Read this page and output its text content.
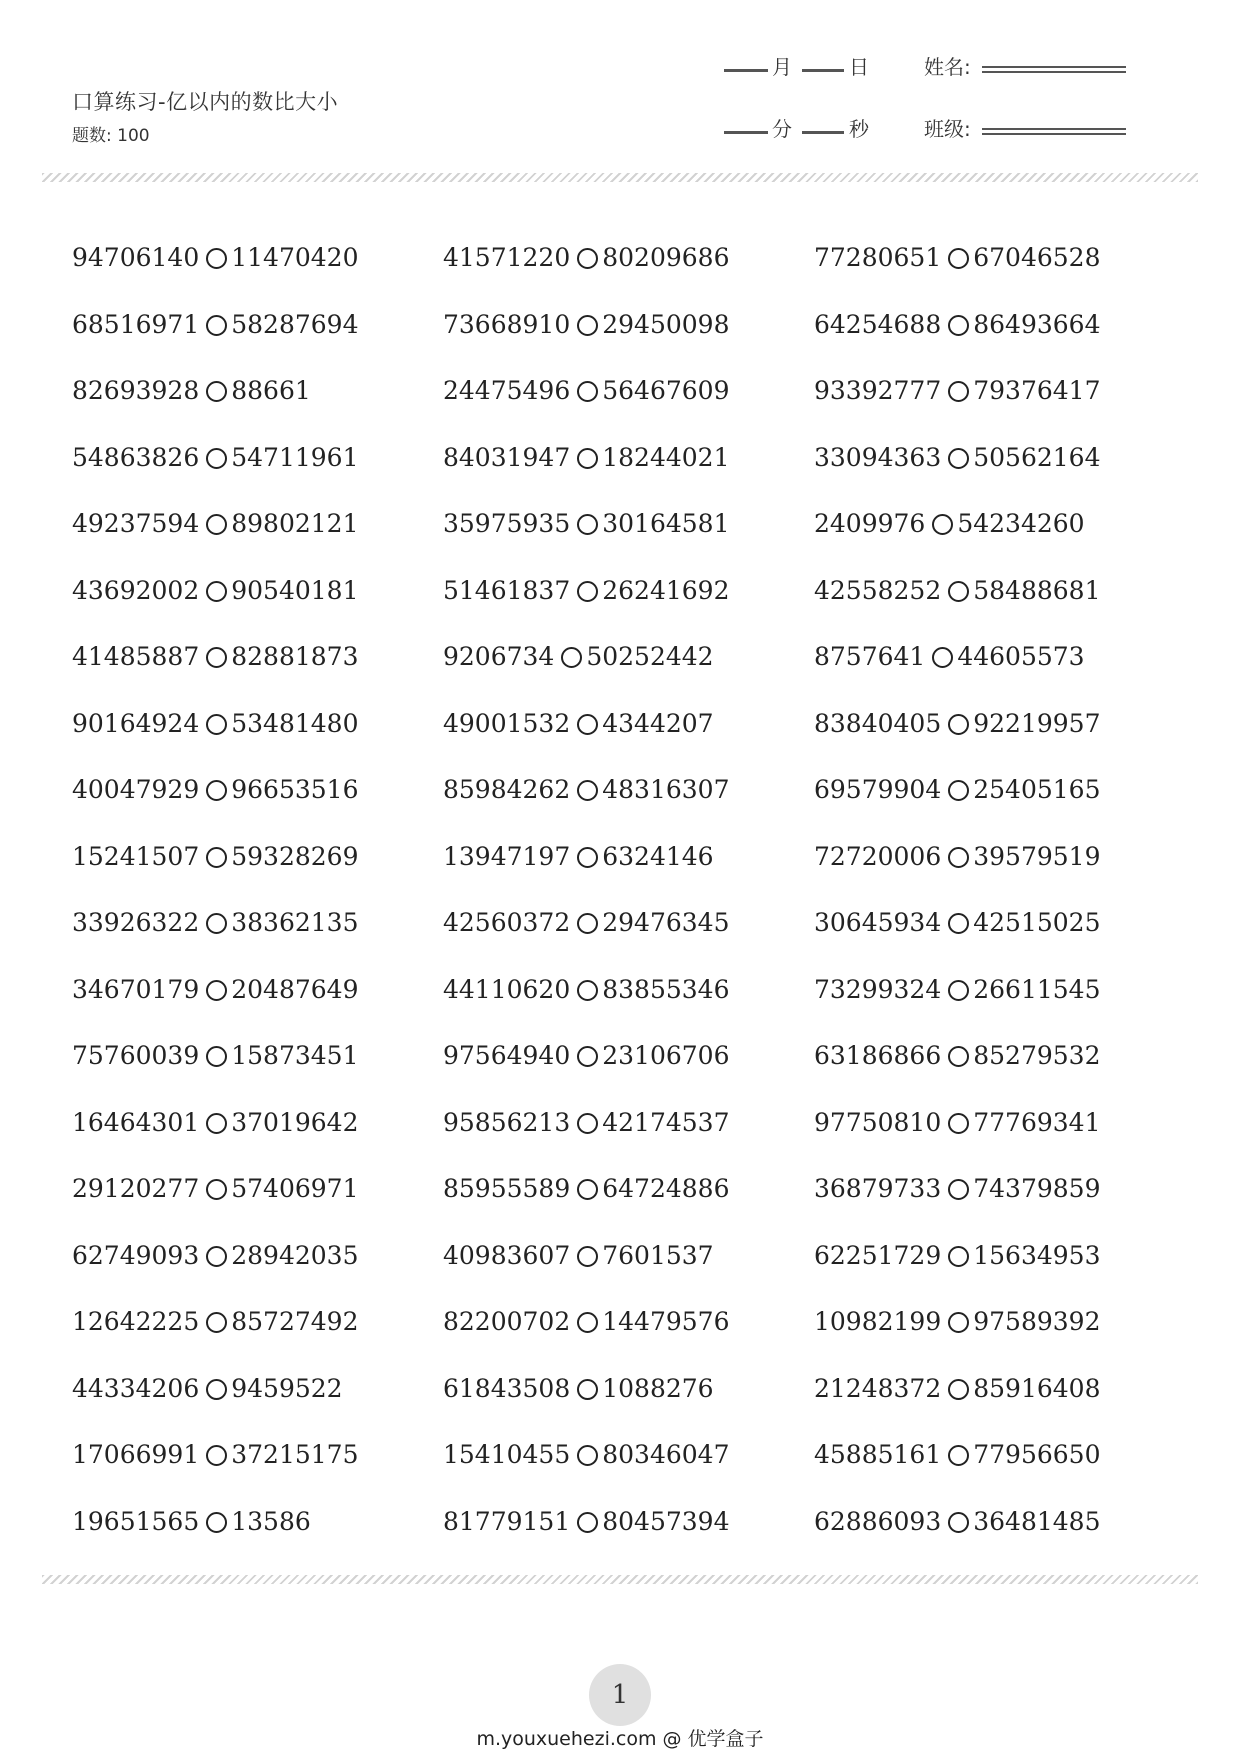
口算练习-亿以内的数比大小
题数: 100
月	日	姓名:
分	秒	班级:
94706140 11470420	41571220 80209686	77280651 67046528
68516971 58287694	73668910 29450098	64254688 86493664
82693928 88661	24475496 56467609	93392777 79376417
54863826 54711961	84031947 18244021	33094363 50562164
49237594 89802121	35975935 30164581	2409976 54234260
43692002 90540181	51461837 26241692	42558252 58488681
41485887 82881873	9206734 50252442	8757641 44605573
90164924 53481480	49001532 4344207	83840405 92219957
40047929 96653516	85984262 48316307	69579904 25405165
15241507 59328269	13947197 6324146	72720006 39579519
33926322 38362135	42560372 29476345	30645934 42515025
34670179 20487649	44110620 83855346	73299324 26611545
75760039 15873451	97564940 23106706	63186866 85279532
16464301 37019642	95856213 42174537	97750810 77769341
29120277 57406971	85955589 64724886	36879733 74379859
62749093 28942035	40983607 7601537	62251729 15634953
12642225 85727492	82200702 14479576	10982199 97589392
44334206 9459522	61843508 1088276	21248372 85916408
17066991 37215175	15410455 80346047	45885161 77956650
19651565 13586	81779151 80457394	62886093 36481485
1
m.youxuehezi.com @ 优学盒子
